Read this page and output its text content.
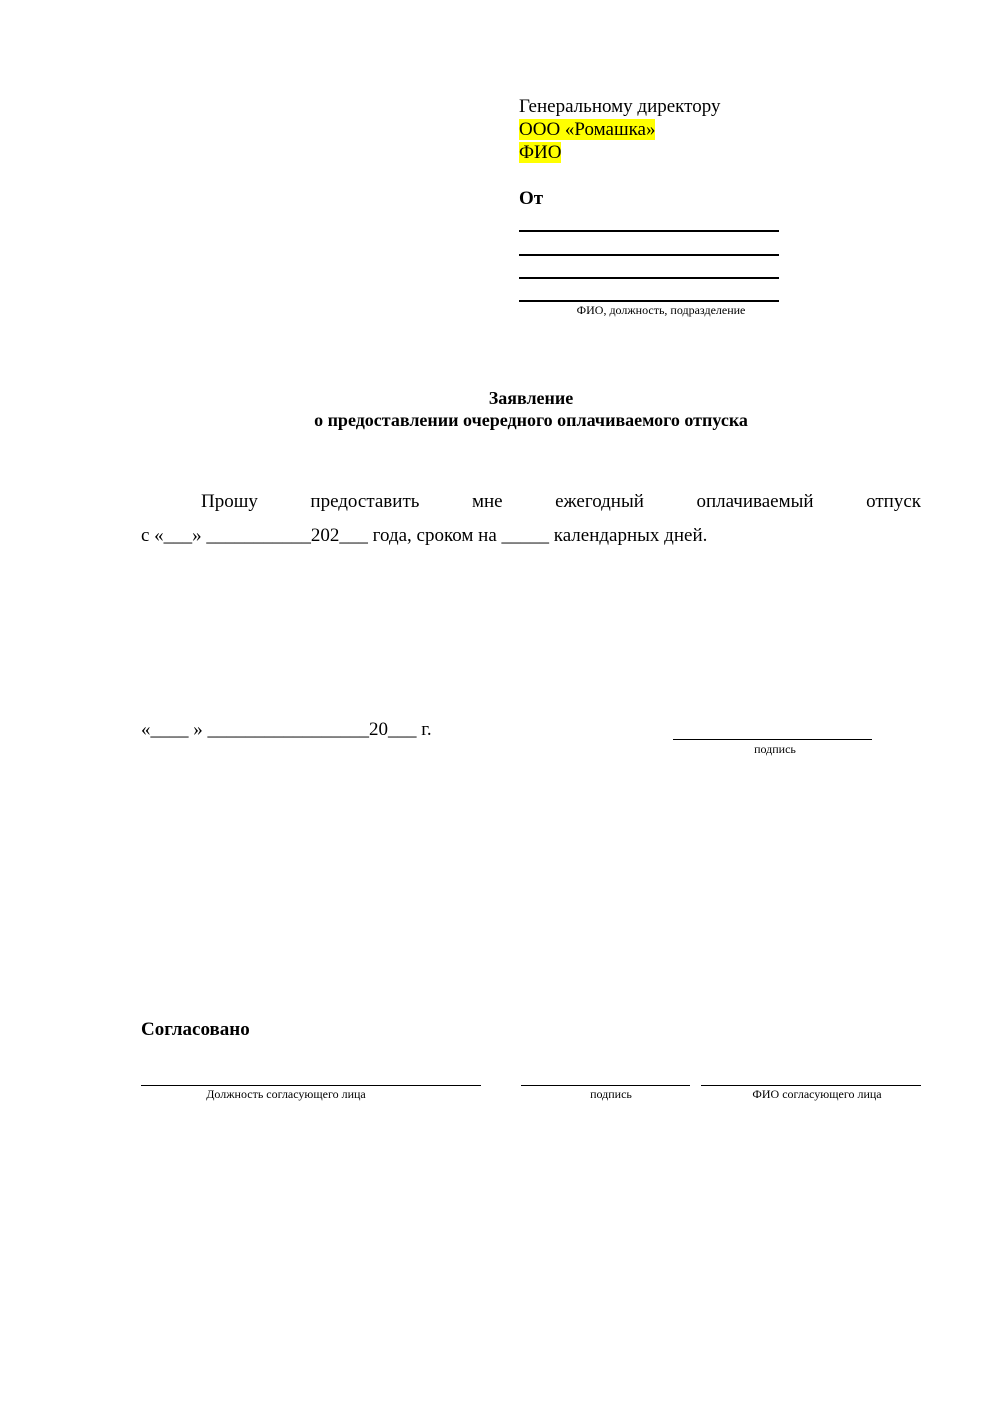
Генеральному директору
ООО «Ромашка»
ФИО
От
ФИО, должность, подразделение
Заявление
о предоставлении очередного оплачиваемого отпуска
Прошу	предоставить	мне	ежегодный	оплачиваемый	отпуск
с «___» ___________202___ года, сроком на _____ календарных дней.
«____ » _________________20___ г.
подпись
Согласовано
Должность согласующего лица	подпись	ФИО согласующего лица
